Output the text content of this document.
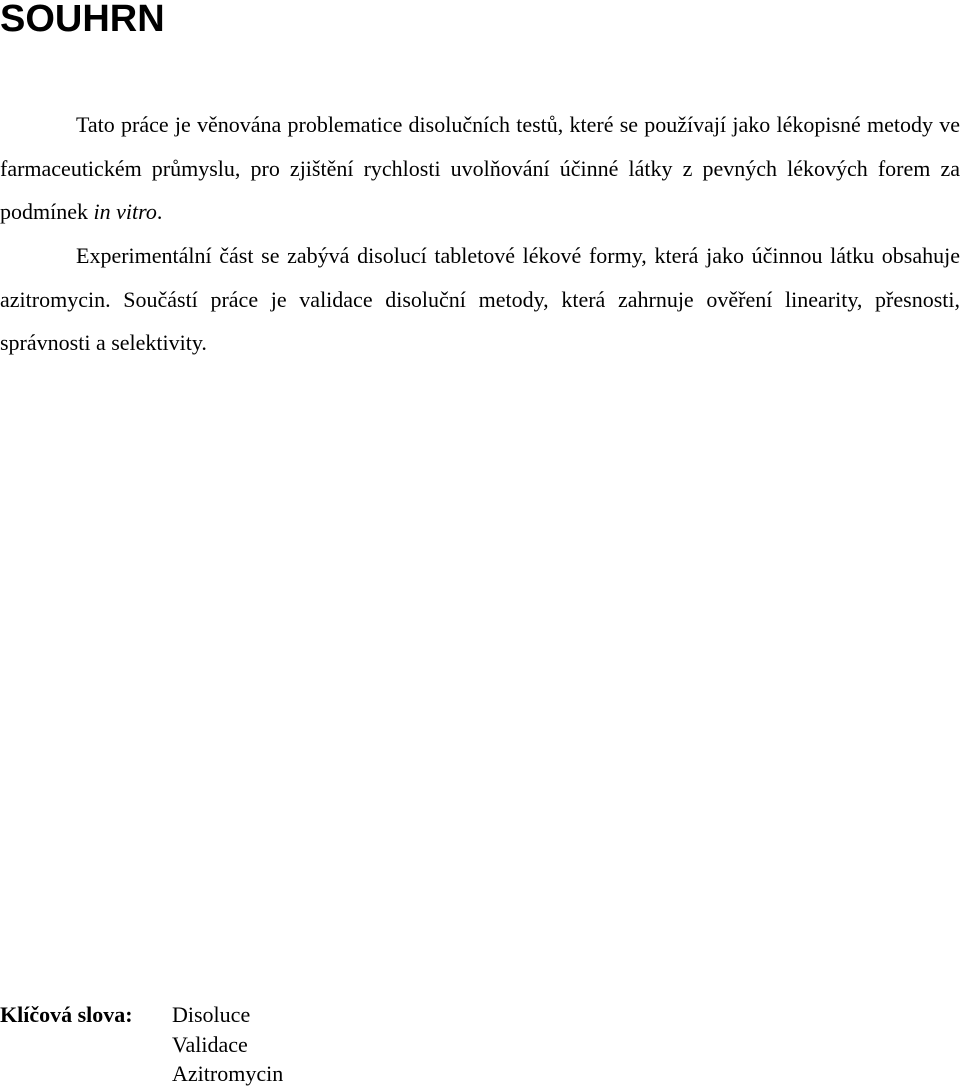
SOUHRN

Tato práce je věnována problematice disolučních testů, které se používají jako lékopisné metody ve farmaceutickém průmyslu, pro zjištění rychlosti uvolňování účinné látky z pevných lékových forem za podmínek in vitro.

Experimentální část se zabývá disolucí tabletové lékové formy, která jako účinnou látku obsahuje azitromycin. Součástí práce je validace disoluční metody, která zahrnuje ověření linearity, přesnosti, správnosti a selektivity.

Klíčová slova:	Disoluce
Validace
Azitromycin
